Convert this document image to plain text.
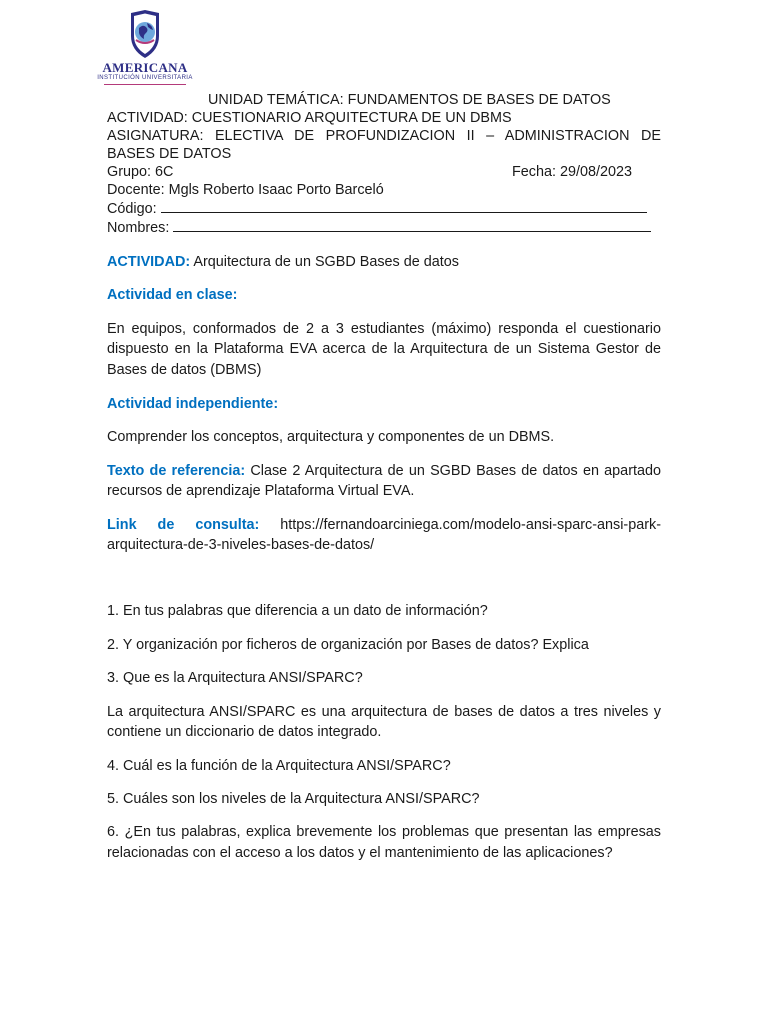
AMERICANA
INSTITUCIÓN UNIVERSITARIA
UNIDAD TEMÁTICA: FUNDAMENTOS DE BASES DE DATOS
ACTIVIDAD: CUESTIONARIO ARQUITECTURA DE UN DBMS
ASIGNATURA: ELECTIVA DE PROFUNDIZACION II – ADMINISTRACION DE
BASES DE DATOS
Grupo: 6C	Fecha: 29/08/2023
Docente: Mgls Roberto Isaac Porto Barceló
Código:
Nombres:

ACTIVIDAD: Arquitectura de un SGBD Bases de datos

Actividad en clase:

En equipos, conformados de 2 a 3 estudiantes (máximo) responda el cuestionario dispuesto en la Plataforma EVA acerca de la Arquitectura de un Sistema Gestor de Bases de datos (DBMS)

Actividad independiente:

Comprender los conceptos, arquitectura y componentes de un DBMS.

Texto de referencia: Clase 2 Arquitectura de un SGBD Bases de datos en apartado recursos de aprendizaje Plataforma Virtual EVA.

Link de consulta: https://fernandoarciniega.com/modelo-ansi-sparc-ansi-park-arquitectura-de-3-niveles-bases-de-datos/

1. En tus palabras que diferencia a un dato de información?

2. Y organización por ficheros de organización por Bases de datos? Explica

3. Que es la Arquitectura ANSI/SPARC?

La arquitectura ANSI/SPARC es una arquitectura de bases de datos a tres niveles y contiene un diccionario de datos integrado.

4. Cuál es la función de la Arquitectura ANSI/SPARC?

5. Cuáles son los niveles de la Arquitectura ANSI/SPARC?

6. ¿En tus palabras, explica brevemente los problemas que presentan las empresas relacionadas con el acceso a los datos y el mantenimiento de las aplicaciones?
